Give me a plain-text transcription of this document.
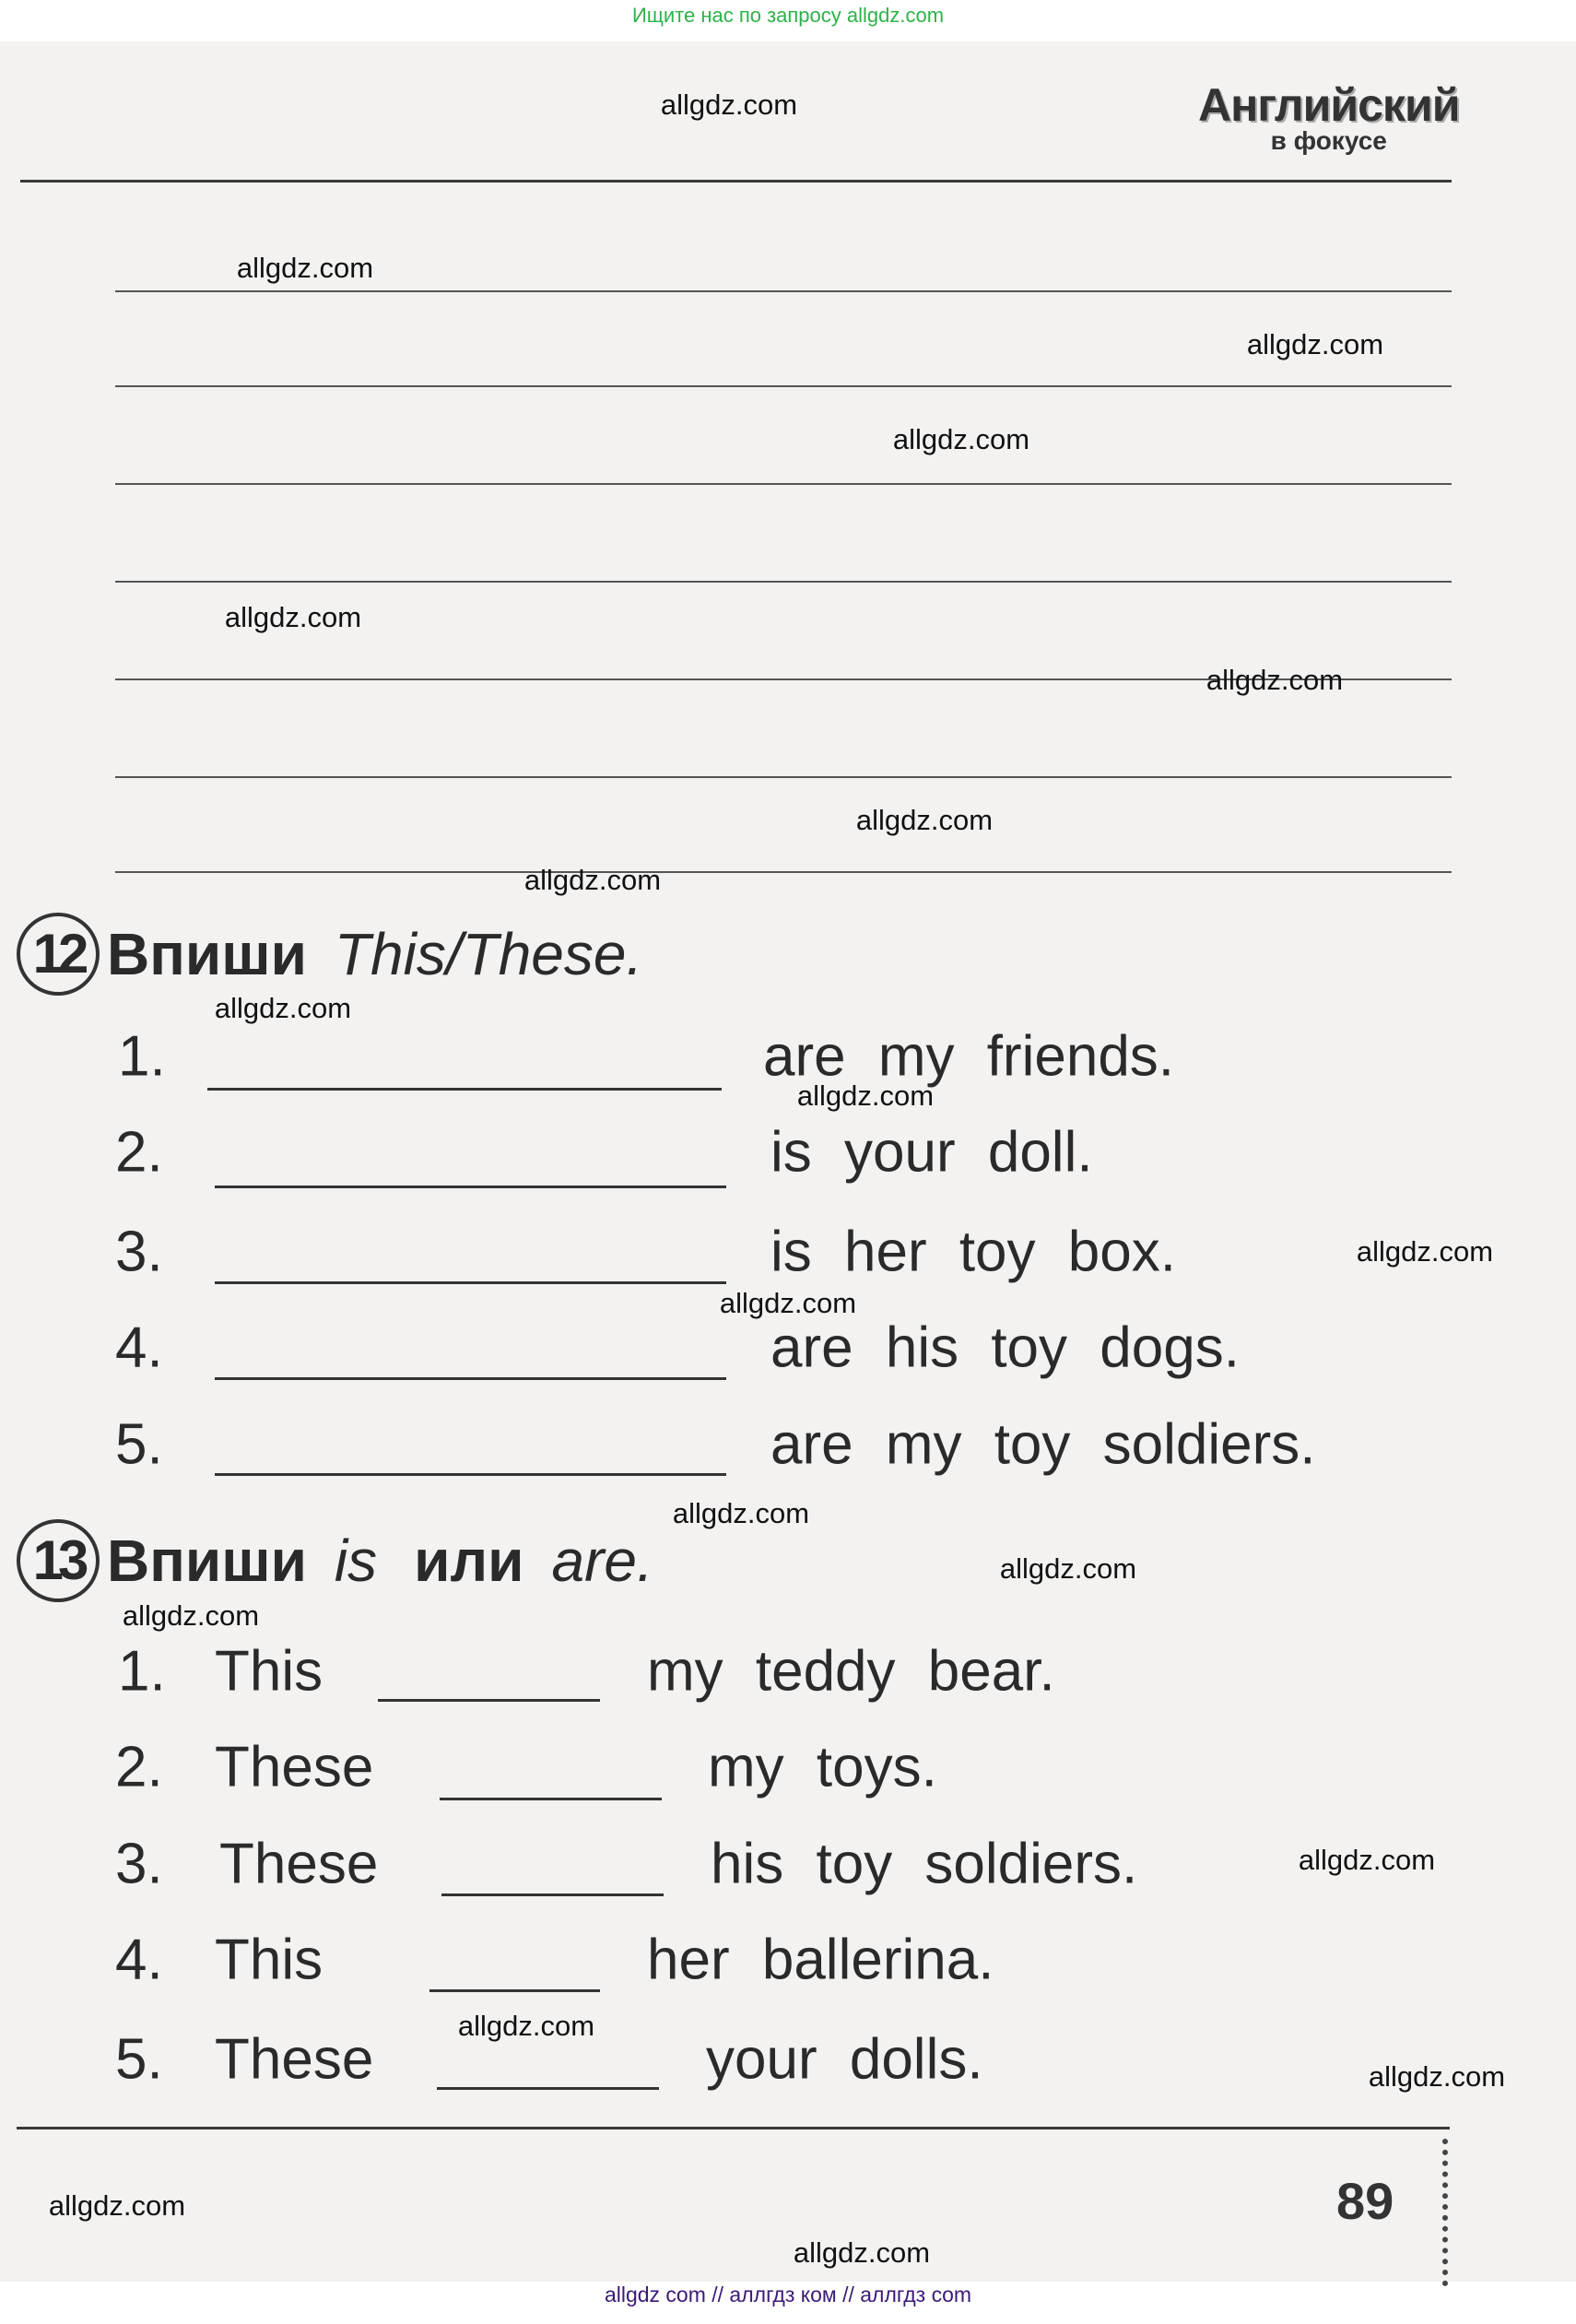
Ищите нас по запросу allgdz.com
Английский
в фокусе
12 Впиши This/These.
1.	are my friends.
2.	is your doll.
3.	is her toy box.
4.	are his toy dogs.
5.	are my toy soldiers.
13 Впиши is или are.
1. This	my teddy bear.
2. These	my toys.
3. These	his toy soldiers.
4. This	her ballerina.
5. These	your dolls.
89
allgdz.com
allgdz.com
allgdz.com
allgdz.com
allgdz.com
allgdz.com
allgdz.com
allgdz.com
allgdz.com
allgdz.com
allgdz.com
allgdz.com
allgdz.com
allgdz.com
allgdz.com
allgdz.com
allgdz.com
allgdz.com
allgdz.com
allgdz.com
allgdz com // аллгдз ком // аллгдз com
